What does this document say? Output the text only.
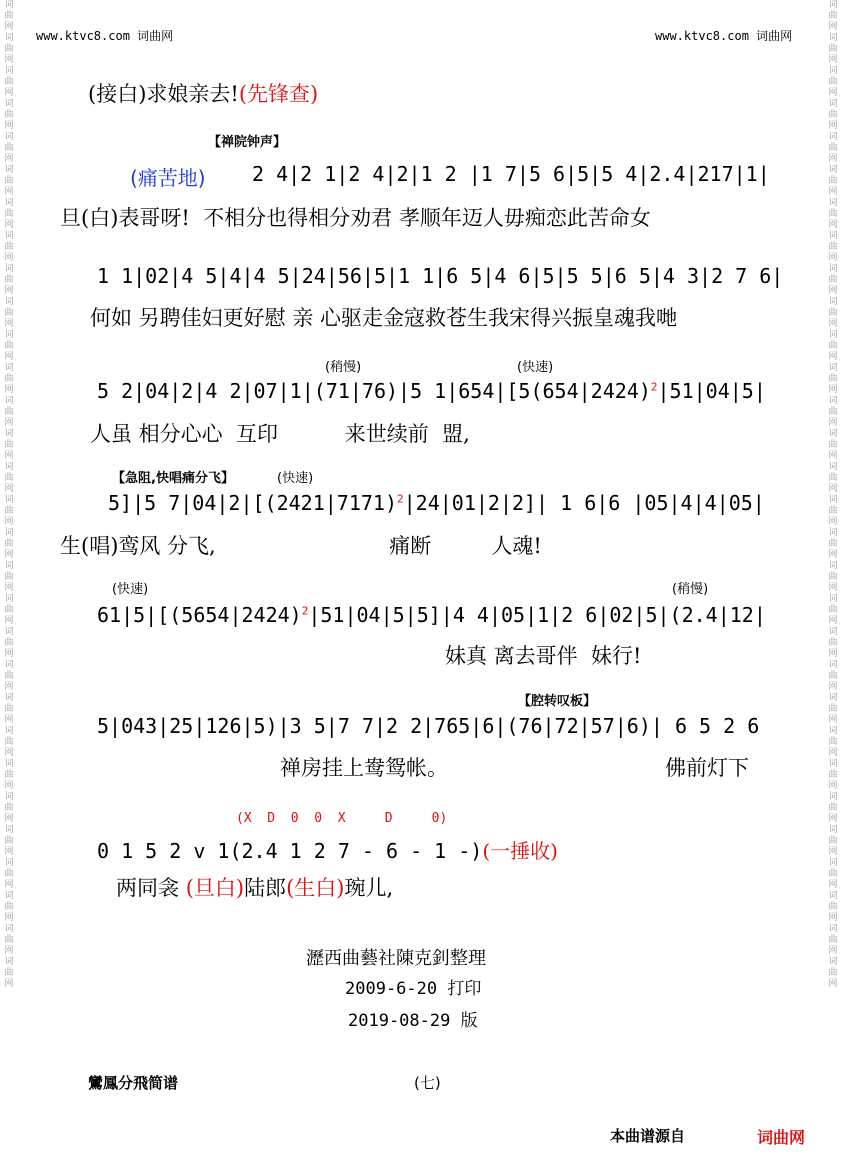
词曲网词曲网词曲网词曲网词曲网词曲网词曲网词曲网词曲网词曲网词曲网词曲网词曲网词曲网词曲网词曲网词曲网词曲网词曲网词曲网词曲网词曲网词曲网词曲网词曲网词曲网词曲网词曲网词曲网词曲网
词曲网词曲网词曲网词曲网词曲网词曲网词曲网词曲网词曲网词曲网词曲网词曲网词曲网词曲网词曲网词曲网词曲网词曲网词曲网词曲网词曲网词曲网词曲网词曲网词曲网词曲网词曲网词曲网词曲网词曲网
www.ktvc8.com 词曲网	www.ktvc8.com 词曲网
(接白)求娘亲去!(先锋查)
【禅院钟声】
(痛苦地) 2 4|2 1|2 4|2|1 2 |1 7|5 6|5|5 4|2.4|217|1|
旦(白)表哥呀!  不相分也得相分劝君 孝顺年迈人毋痴恋此苦命女
1 1|02|4 5|4|4 5|24|56|5|1 1|6 5|4 6|5|5 5|6 5|4 3|2 7 6|
何如 另聘佳妇更好慰 亲 心驱走金寇救苍生我宋得兴振皇魂我哋
(稍慢)	(快速)
5 2|04|2|4 2|07|1|(71|76)|5 $1|654|[5(654|2424)^2|51|04|5|$
人虽 相分心心  互印          来世续前  盟,
【急阻,快唱痛分飞】	(快速)
5]|5 $7|04|2|[(2421|7171)^2|24|01|2|2]|$ 1 6|6 |05|4|4|05|
生(唱)鸾风 分飞,                          痛断         人魂!
(快速)	(稍慢)
$61|5|[(5654|2424)^2|51|04|5|5]|4$ 4|05|1|2 6|02|5|(2.4|12|
妹真 离去哥伴  妹行!
【腔转叹板】
5|043|25|126|5)|3 5|7 7|2 2|765|6|(76|72|57|6)| 6 5 2 6
禅房挂上鸯鸳帐。	佛前灯下
(X  D  0  0  X     D     0)
0 1 5 2 v 1(2.4 1 2 7 - 6 - 1 -)(一捶收)
两同衾 (旦白)陆郎(生白)琬儿,
瀝西曲藝社陳克釗整理
2009-6-20 打印
2019-08-29 版
鸞鳳分飛简谱	(七)
本曲谱源自	词曲网
